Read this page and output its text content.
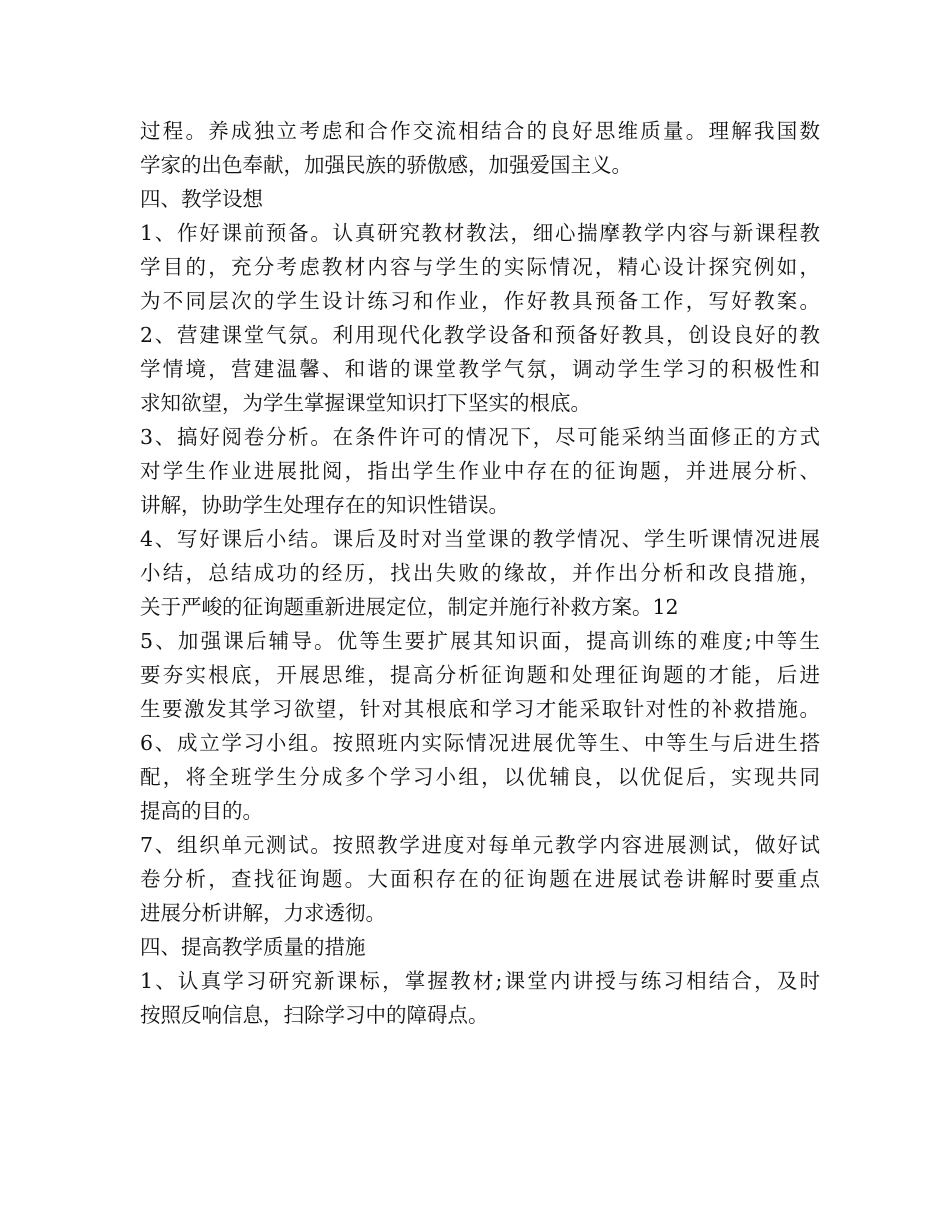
过程。养成独立考虑和合作交流相结合的良好思维质量。理解我国数
学家的出色奉献，加强民族的骄傲感，加强爱国主义。
四、教学设想
1、作好课前预备。认真研究教材教法，细心揣摩教学内容与新课程教
学目的，充分考虑教材内容与学生的实际情况，精心设计探究例如，
为不同层次的学生设计练习和作业，作好教具预备工作，写好教案。
2、营建课堂气氛。利用现代化教学设备和预备好教具，创设良好的教
学情境，营建温馨、和谐的课堂教学气氛，调动学生学习的积极性和
求知欲望，为学生掌握课堂知识打下坚实的根底。
3、搞好阅卷分析。在条件许可的情况下，尽可能采纳当面修正的方式
对学生作业进展批阅，指出学生作业中存在的征询题，并进展分析、
讲解，协助学生处理存在的知识性错误。
4、写好课后小结。课后及时对当堂课的教学情况、学生听课情况进展
小结，总结成功的经历，找出失败的缘故，并作出分析和改良措施，
关于严峻的征询题重新进展定位，制定并施行补救方案。12
5、加强课后辅导。优等生要扩展其知识面，提高训练的难度;中等生
要夯实根底，开展思维，提高分析征询题和处理征询题的才能，后进
生要激发其学习欲望，针对其根底和学习才能采取针对性的补救措施。
6、成立学习小组。按照班内实际情况进展优等生、中等生与后进生搭
配，将全班学生分成多个学习小组，以优辅良，以优促后，实现共同
提高的目的。
7、组织单元测试。按照教学进度对每单元教学内容进展测试，做好试
卷分析，查找征询题。大面积存在的征询题在进展试卷讲解时要重点
进展分析讲解，力求透彻。
四、提高教学质量的措施
1、认真学习研究新课标，掌握教材;课堂内讲授与练习相结合，及时
按照反响信息，扫除学习中的障碍点。
